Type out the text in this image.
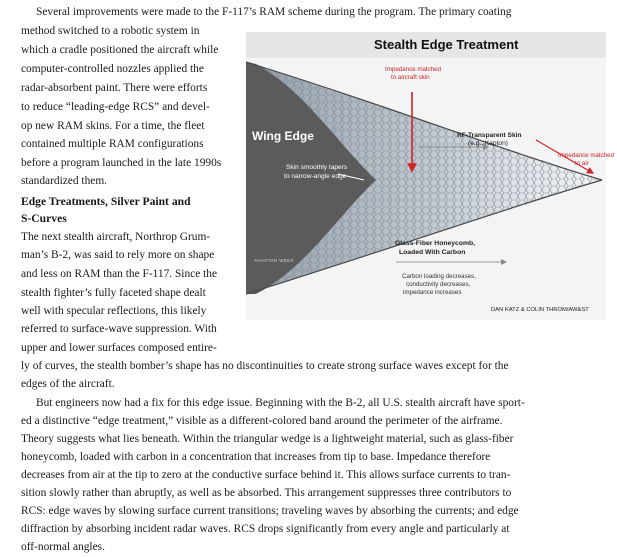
Several improvements were made to the F-117’s RAM scheme during the program. The primary coating

method switched to a robotic system in

which a cradle positioned the aircraft while

computer-controlled nozzles applied the

radar-absorbent paint. There were efforts

to reduce “leading-edge RCS” and devel-

op new RAM skins. For a time, the fleet

contained multiple RAM configurations

before a program launched in the late 1990s

standardized them.

Edge Treatments, Silver Paint and
S-Curves

The next stealth aircraft, Northrop Grum-

man’s B-2, was said to rely more on shape

and less on RAM than the F-117. Since the

stealth fighter’s fully faceted shape dealt

well with specular reflections, this likely

referred to surface-wave suppression. With

upper and lower surfaces composed entire-

ly of curves, the stealth bomber’s shape has no discontinuities to create strong surface waves except for the

edges of the aircraft.

But engineers now had a fix for this edge issue. Beginning with the B-2, all U.S. stealth aircraft have sport-

ed a distinctive “edge treatment,” visible as a different-colored band around the perimeter of the airframe.

Theory suggests what lies beneath. Within the triangular wedge is a lightweight material, such as glass-fiber

honeycomb, loaded with carbon in a concentration that increases from tip to base. Impedance therefore

decreases from air at the tip to zero at the conductive surface behind it. This allows surface currents to tran-

sition slowly rather than abruptly, as well as be absorbed. This arrangement suppresses three contributors to

RCS: edge waves by slowing surface current transitions; traveling waves by absorbing the currents; and edge

diffraction by absorbing incident radar waves. RCS drops significantly from every angle and particularly at

off-normal angles.

Stealth Edge Treatment
Wing Edge
Impedance matched
to aircraft skin
RF-Transparent Skin
(e.g., Kapton)
Impedance matched
to air
Skin smoothly tapers
to narrow-angle edge
Glass-Fiber Honeycomb,
Loaded With Carbon
Carbon loading decreases,
conductivity decreases,
impedance increases
AVIATION WEEK
DAN KATZ & COLIN THROM/AW&ST
